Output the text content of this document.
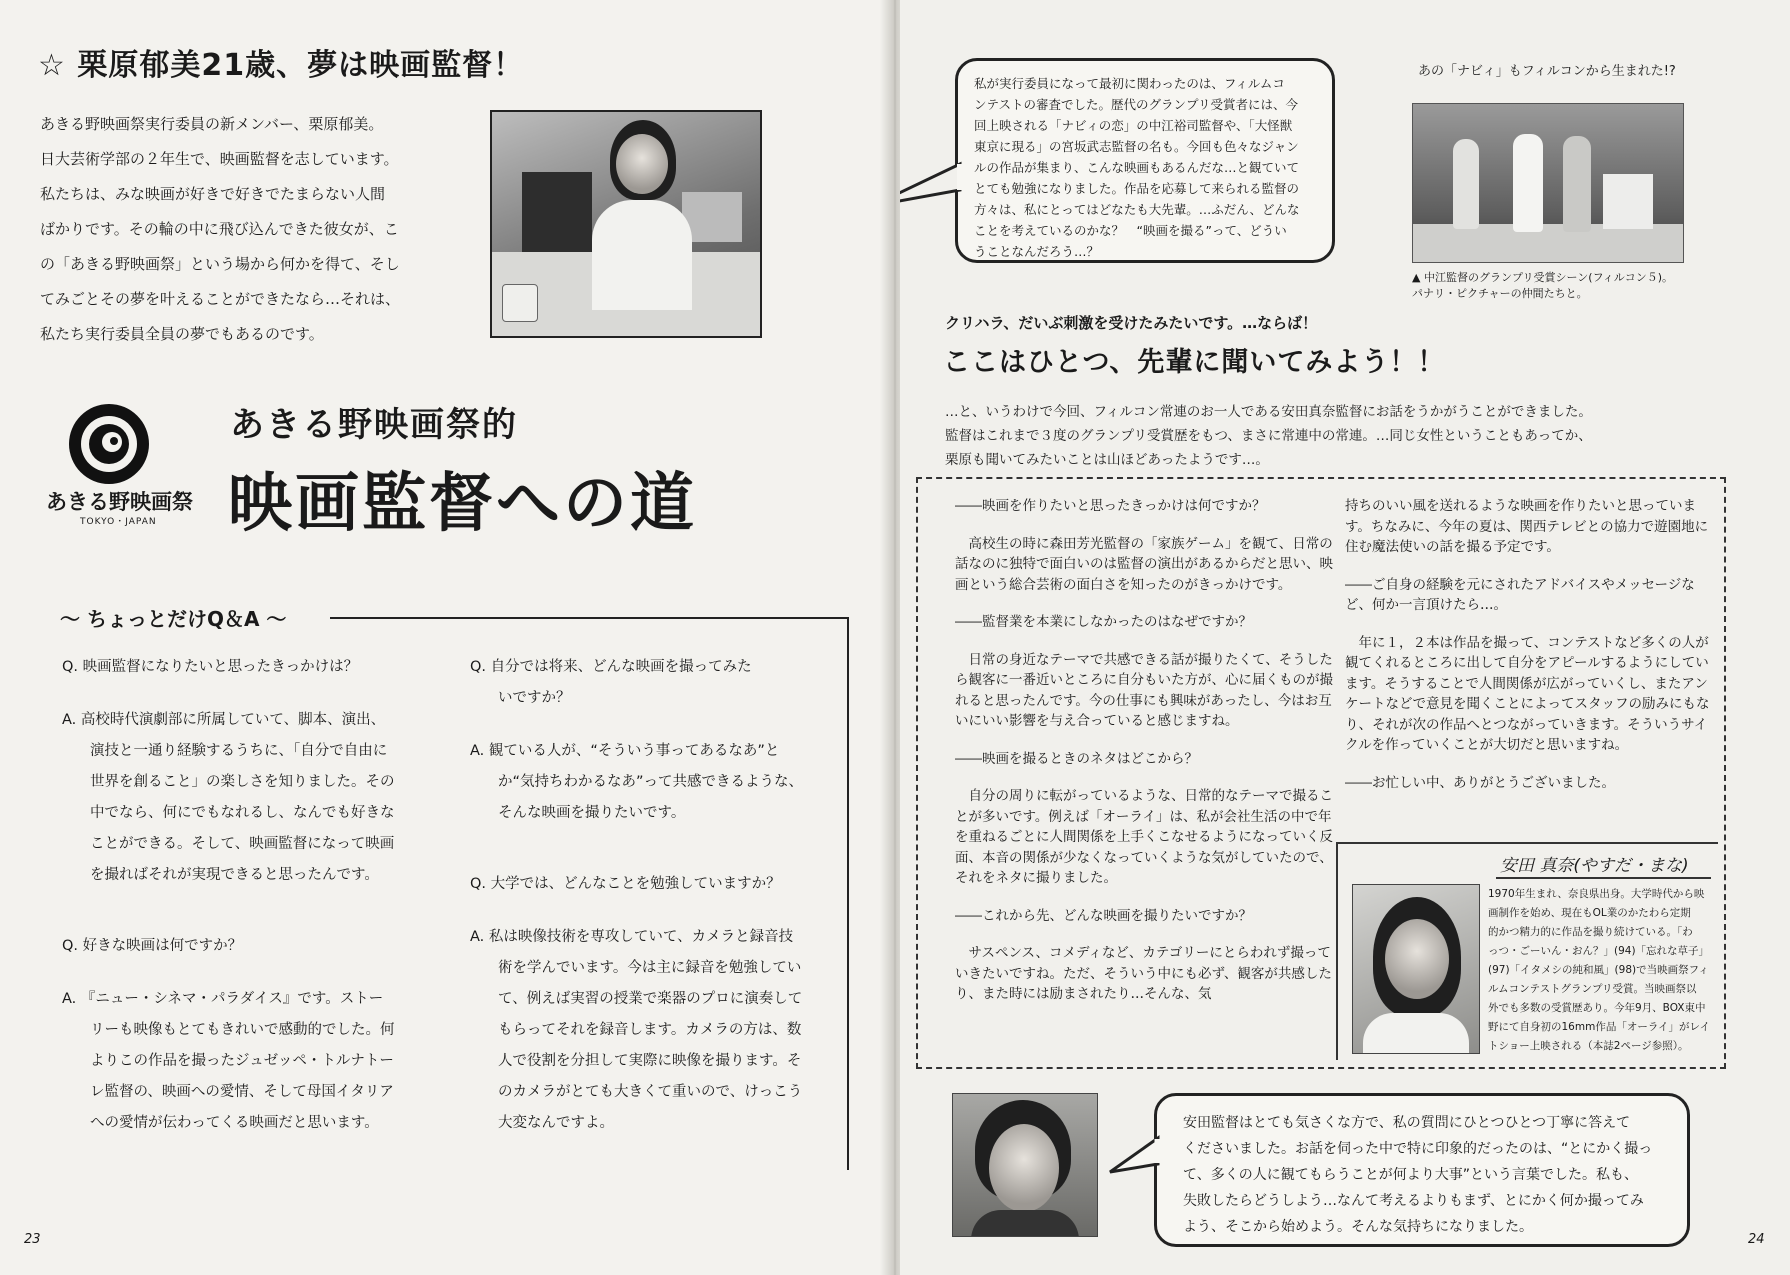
☆ 栗原郁美21歳、夢は映画監督！
あきる野映画祭実行委員の新メンバー、栗原郁美。
日大芸術学部の２年生で、映画監督を志しています。
私たちは、みな映画が好きで好きでたまらない人間
ばかりです。その輪の中に飛び込んできた彼女が、こ
の「あきる野映画祭」という場から何かを得て、そし
てみごとその夢を叶えることができたなら…それは、
私たち実行委員全員の夢でもあるのです。
あきる野映画祭
TOKYO・JAPAN
あきる野映画祭的
映画監督への道
～ ちょっとだけQ＆A ～
Q. 映画監督になりたいと思ったきっかけは？
A. 高校時代演劇部に所属していて、脚本、演出、
演技と一通り経験するうちに、「自分で自由に
世界を創ること」の楽しさを知りました。その
中でなら、何にでもなれるし、なんでも好きな
ことができる。そして、映画監督になって映画
を撮ればそれが実現できると思ったんです。
Q. 好きな映画は何ですか？
A. 『ニュー・シネマ・パラダイス』です。ストー
リーも映像もとてもきれいで感動的でした。何
よりこの作品を撮ったジュゼッペ・トルナトー
レ監督の、映画への愛情、そして母国イタリア
への愛情が伝わってくる映画だと思います。
Q. 自分では将来、どんな映画を撮ってみた
いですか？
A. 観ている人が、“そういう事ってあるなあ”と
か“気持ちわかるなあ”って共感できるような、
そんな映画を撮りたいです。
Q. 大学では、どんなことを勉強していますか？
A. 私は映像技術を専攻していて、カメラと録音技
術を学んでいます。今は主に録音を勉強してい
て、例えば実習の授業で楽器のプロに演奏して
もらってそれを録音します。カメラの方は、数
人で役割を分担して実際に映像を撮ります。そ
のカメラがとても大きくて重いので、けっこう
大変なんですよ。
23

私が実行委員になって最初に関わったのは、フィルムコ

ンテストの審査でした。歴代のグランプリ受賞者には、今

回上映される「ナビィの恋」の中江裕司監督や、「大怪獣

東京に現る」の宮坂武志監督の名も。今回も色々なジャン

ルの作品が集まり、こんな映画もあるんだな…と観ていて

とても勉強になりました。作品を応募して来られる監督の

方々は、私にとってはどなたも大先輩。…ふだん、どんな

ことを考えているのかな？　“映画を撮る”って、どうい

うことなんだろう…？

あの「ナビィ」もフィルコンから生まれた!?
▲ 中江監督のグランプリ受賞シーン(フィルコン５)。
パナリ・ピクチャーの仲間たちと。
クリハラ、だいぶ刺激を受けたみたいです。…ならば！
ここはひとつ、先輩に聞いてみよう！！
…と、いうわけで今回、フィルコン常連のお一人である安田真奈監督にお話をうかがうことができました。
監督はこれまで３度のグランプリ受賞歴をもつ、まさに常連中の常連。…同じ女性ということもあってか、
栗原も聞いてみたいことは山ほどあったようです…。

――映画を作りたいと思ったきっかけは何ですか？

　高校生の時に森田芳光監督の「家族ゲーム」を観て、日常の話なのに独特で面白いのは監督の演出があるからだと思い、映画という総合芸術の面白さを知ったのがきっかけです。

――監督業を本業にしなかったのはなぜですか？

　日常の身近なテーマで共感できる話が撮りたくて、そうしたら観客に一番近いところに自分もいた方が、心に届くものが撮れると思ったんです。今の仕事にも興味があったし、今はお互いにいい影響を与え合っていると感じますね。

――映画を撮るときのネタはどこから？

　自分の周りに転がっているような、日常的なテーマで撮ることが多いです。例えば「オーライ」は、私が会社生活の中で年を重ねるごとに人間関係を上手くこなせるようになっていく反面、本音の関係が少なくなっていくような気がしていたので、それをネタに撮りました。

――これから先、どんな映画を撮りたいですか？

　サスペンス、コメディなど、カテゴリーにとらわれず撮っていきたいですね。ただ、そういう中にも必ず、観客が共感したり、また時には励まされたり…そんな、気

持ちのいい風を送れるような映画を作りたいと思っています。ちなみに、今年の夏は、関西テレビとの協力で遊園地に住む魔法使いの話を撮る予定です。

――ご自身の経験を元にされたアドバイスやメッセージなど、何か一言頂けたら…。

　年に１，２本は作品を撮って、コンテストなど多くの人が観てくれるところに出して自分をアピールするようにしています。そうすることで人間関係が広がっていくし、またアンケートなどで意見を聞くことによってスタッフの励みにもなり、それが次の作品へとつながっていきます。そういうサイクルを作っていくことが大切だと思いますね。

――お忙しい中、ありがとうございました。

安田 真奈(やすだ・まな)
1970年生まれ、奈良県出身。大学時代から映
画制作を始め、現在もOL業のかたわら定期
的かつ精力的に作品を撮り続けている。「わ
っつ・ごーいん・おん？」(94)「忘れな草子」
(97)「イタメシの純和風」(98)で当映画祭フィ
ルムコンテストグランプリ受賞。当映画祭以
外でも多数の受賞歴あり。今年9月、BOX東中
野にて自身初の16mm作品「オーライ」がレイ
トショー上映される（本誌2ページ参照）。

安田監督はとても気さくな方で、私の質問にひとつひとつ丁寧に答えて

くださいました。お話を伺った中で特に印象的だったのは、“とにかく撮っ

て、多くの人に観てもらうことが何より大事”という言葉でした。私も、

失敗したらどうしよう…なんて考えるよりもまず、とにかく何か撮ってみ

よう、そこから始めよう。そんな気持ちになりました。

24
